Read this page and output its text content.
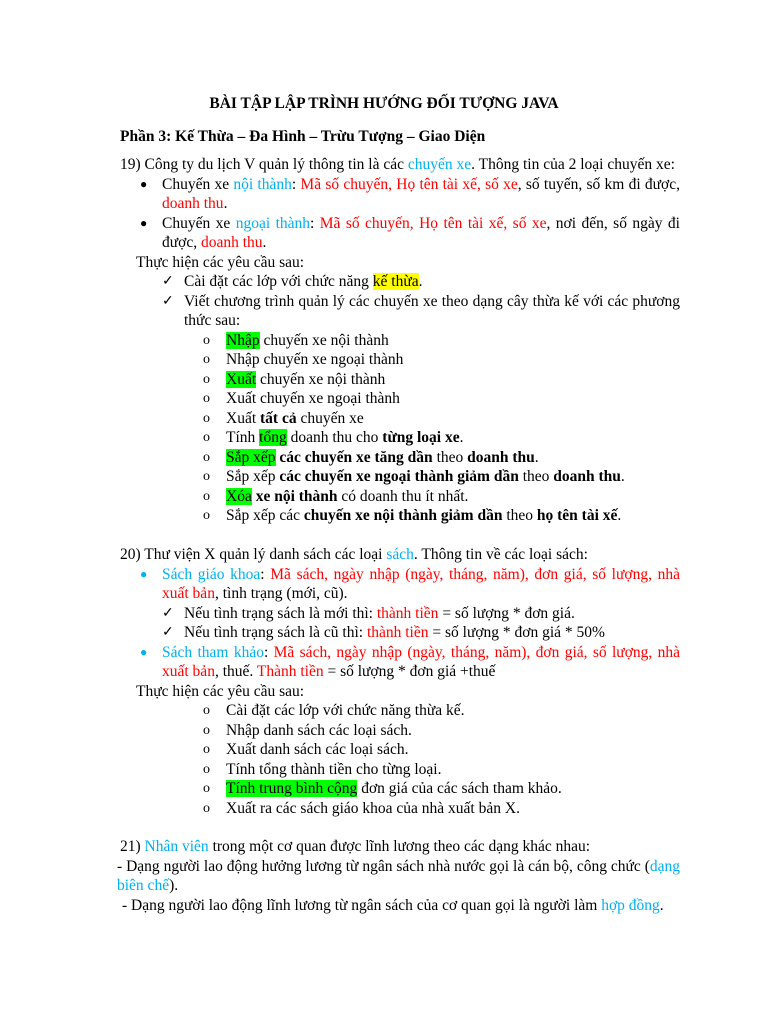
BÀI TẬP LẬP TRÌNH HƯỚNG ĐỐI TƯỢNG JAVA
Phần 3: Kế Thừa – Đa Hình – Trừu Tượng – Giao Diện
19) Công ty du lịch V quản lý thông tin là các chuyến xe. Thông tin của 2 loại chuyến xe:
● Chuyến xe nội thành: Mã số chuyến, Họ tên tài xế, số xe, số tuyến, số km đi được, doanh thu.
● Chuyến xe ngoại thành: Mã số chuyến, Họ tên tài xế, số xe, nơi đến, số ngày đi được, doanh thu.
Thực hiện các yêu cầu sau:
✓ Cài đặt các lớp với chức năng kế thừa.
✓ Viết chương trình quản lý các chuyến xe theo dạng cây thừa kế với các phương thức sau:
o Nhập chuyến xe nội thành
o Nhập chuyến xe ngoại thành
o Xuất chuyến xe nội thành
o Xuất chuyến xe ngoại thành
o Xuất tất cả chuyến xe
o Tính tổng doanh thu cho từng loại xe.
o Sắp xếp các chuyến xe tăng dần theo doanh thu.
o Sắp xếp các chuyến xe ngoại thành giảm dần theo doanh thu.
o Xóa xe nội thành có doanh thu ít nhất.
o Sắp xếp các chuyến xe nội thành giảm dần theo họ tên tài xế.
20) Thư viện X quản lý danh sách các loại sách. Thông tin về các loại sách:
● Sách giáo khoa: Mã sách, ngày nhập (ngày, tháng, năm), đơn giá, số lượng, nhà xuất bản, tình trạng (mới, cũ).
✓ Nếu tình trạng sách là mới thì: thành tiền = số lượng * đơn giá.
✓ Nếu tình trạng sách là cũ thì: thành tiền = số lượng * đơn giá * 50%
● Sách tham khảo: Mã sách, ngày nhập (ngày, tháng, năm), đơn giá, số lượng, nhà xuất bản, thuế. Thành tiền = số lượng * đơn giá +thuế
Thực hiện các yêu cầu sau:
o Cài đặt các lớp với chức năng thừa kế.
o Nhập danh sách các loại sách.
o Xuất danh sách các loại sách.
o Tính tổng thành tiền cho từng loại.
o Tính trung bình cộng đơn giá của các sách tham khảo.
o Xuất ra các sách giáo khoa của nhà xuất bản X.
21) Nhân viên trong một cơ quan được lĩnh lương theo các dạng khác nhau:
- Dạng người lao động hưởng lương từ ngân sách nhà nước gọi là cán bộ, công chức (dạng biên chế).
- Dạng người lao động lĩnh lương từ ngân sách của cơ quan gọi là người làm hợp đồng.
